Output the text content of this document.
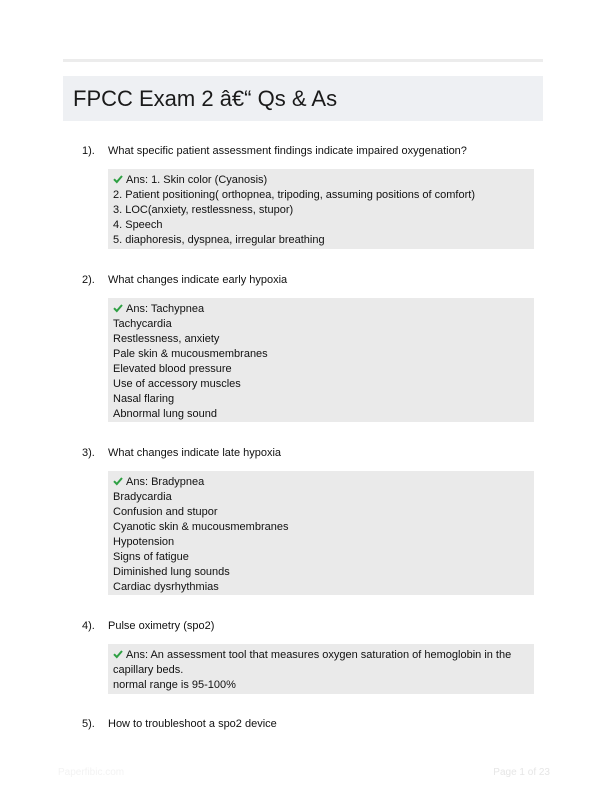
FPCC Exam 2 â€“ Qs & As
1). What specific patient assessment findings indicate impaired oxygenation?
Ans: 1. Skin color (Cyanosis)
2. Patient positioning( orthopnea, tripoding, assuming positions of comfort)
3. LOC(anxiety, restlessness, stupor)
4. Speech
5. diaphoresis, dyspnea, irregular breathing
2). What changes indicate early hypoxia
Ans: Tachypnea
Tachycardia
Restlessness, anxiety
Pale skin & mucousmembranes
Elevated blood pressure
Use of accessory muscles
Nasal flaring
Abnormal lung sound
3). What changes indicate late hypoxia
Ans: Bradypnea
Bradycardia
Confusion and stupor
Cyanotic skin & mucousmembranes
Hypotension
Signs of fatigue
Diminished lung sounds
Cardiac dysrhythmias
4). Pulse oximetry (spo2)
Ans: An assessment tool that measures oxygen saturation of hemoglobin in the
capillary beds.
normal range is 95-100%
5). How to troubleshoot a spo2 device
Paperfibic.com	Page 1 of 23
